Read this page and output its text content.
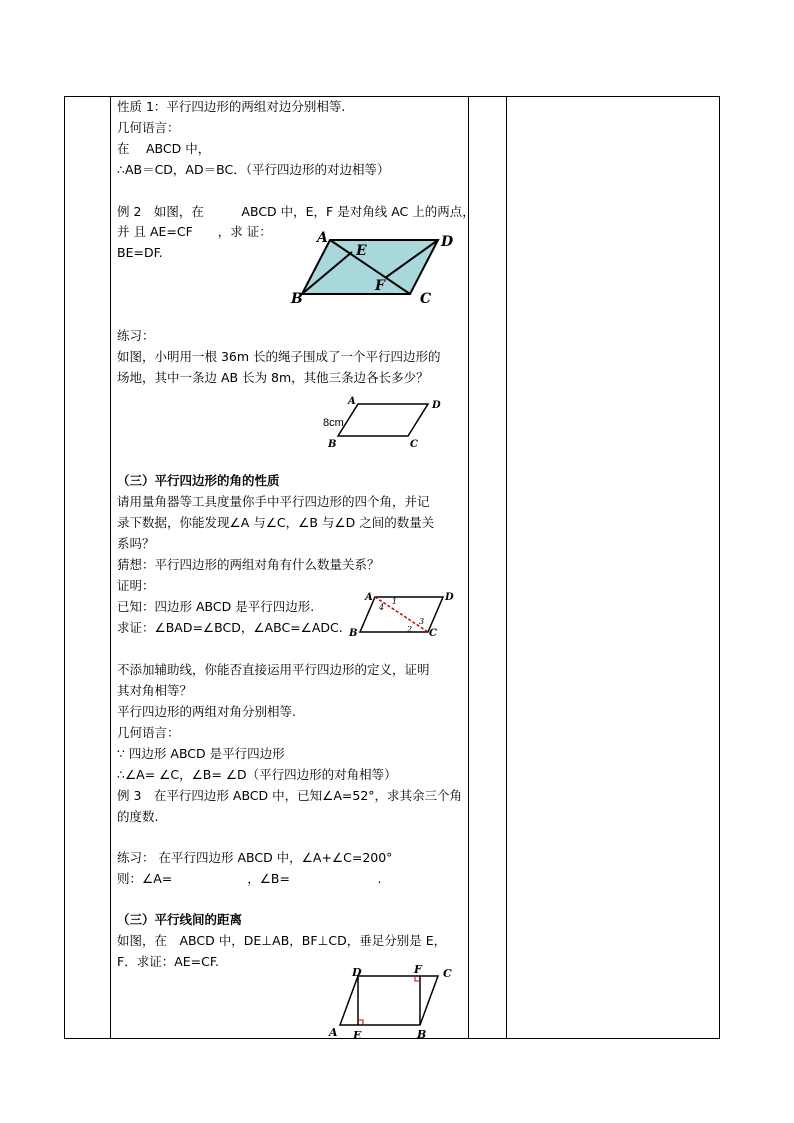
性质 1：平行四边形的两组对边分别相等.
几何语言：
在　 ABCD 中，
∴AB＝CD，AD＝BC．（平行四边形的对边相等）
例 2　如图，在　　　ABCD 中，E，F 是对角线 AC 上的两点，
并 且 AE=CF　　，求 证：
BE=DF.
练习：
如图，小明用一根 36m 长的绳子围成了一个平行四边形的
场地，其中一条边 AB 长为 8m，其他三条边各长多少？
（三）平行四边形的角的性质
请用量角器等工具度量你手中平行四边形的四个角，并记
录下数据，你能发现∠A 与∠C，∠B 与∠D 之间的数量关
系吗？
猜想：平行四边形的两组对角有什么数量关系？
证明：
已知：四边形 ABCD 是平行四边形.
求证：∠BAD=∠BCD，∠ABC=∠ADC.
不添加辅助线，你能否直接运用平行四边形的定义，证明
其对角相等？
平行四边形的两组对角分别相等.
几何语言：
∵ 四边形 ABCD 是平行四边形
∴∠A= ∠C，∠B= ∠D（平行四边形的对角相等）
例 3　在平行四边形 ABCD 中，已知∠A=52°，求其余三个角
的度数.
练习： 在平行四边形 ABCD 中，∠A+∠C=200°
则：∠A=　　　　　　，∠B=　　　　　　　.
（三）平行线间的距离
如图，在　ABCD 中，DE⊥AB，BF⊥CD，垂足分别是 E，
F．求证：AE=CF.
A	D
B	C
E
F
A	D
B	C
8cm
A	D
B	C
1
2
3
4
D	F C
A E	B
